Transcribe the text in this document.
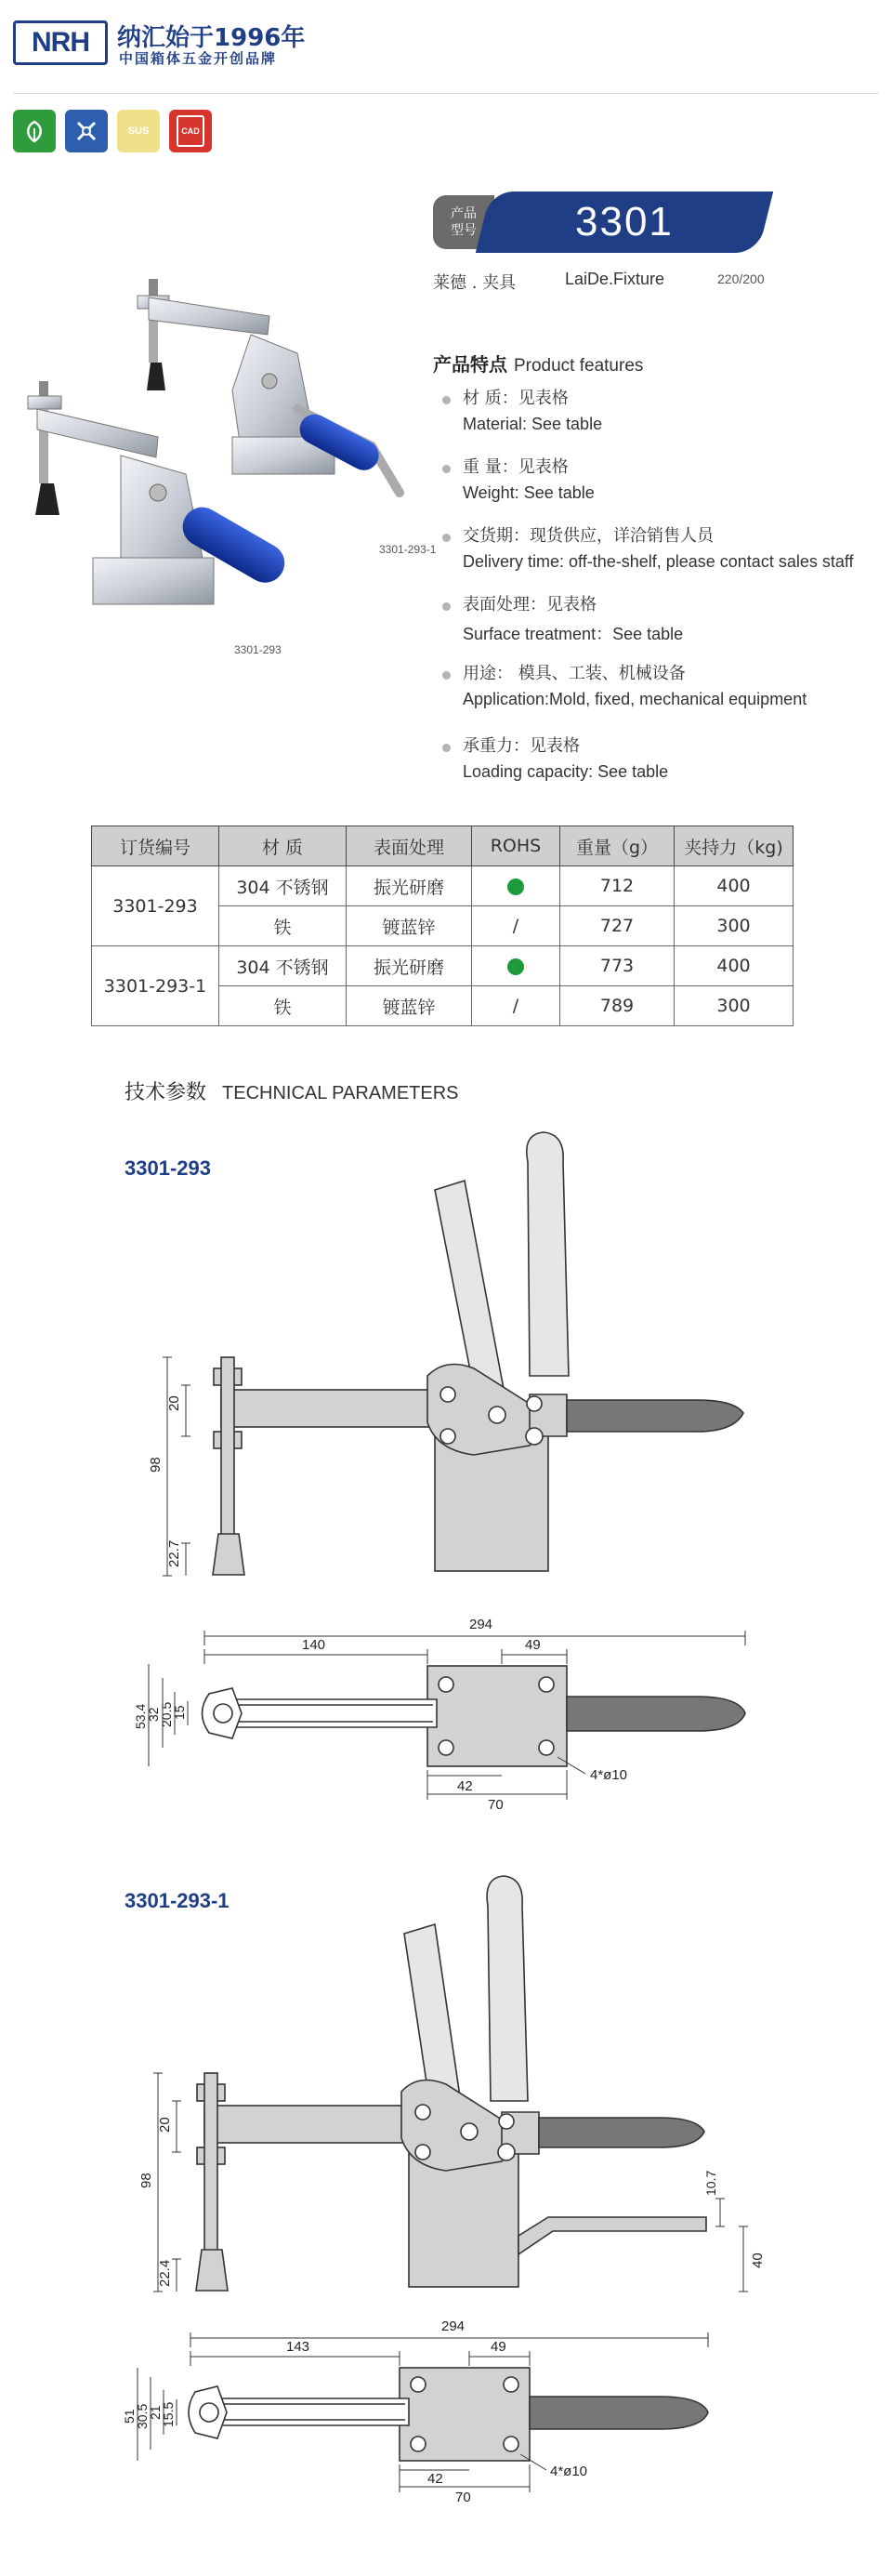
NRH 纳汇始于1996年
中国箱体五金开创品牌
SUS	CAD
产品
型号 3301
莱德 . 夹具	LaiDe.Fixture	220/200
3301-293-1
3301-293
产品特点 Product features
材 质：见表格
Material: See table
重 量：见表格
Weight: See table
交货期：现货供应，详洽销售人员
Delivery time: off-the-shelf, please contact sales staff
表面处理：见表格
Surface treatment：See table
用途： 模具、工装、机械设备
Application:Mold, fixed, mechanical equipment
承重力：见表格
Loading capacity: See table
订货编号	材 质	表面处理	ROHS	重量（g）	夹持力（kg)
3301-293	304 不锈钢	振光研磨		712	400
	铁	镀蓝锌	/	727	300
3301-293-1	304 不锈钢	振光研磨		773	400
	铁	镀蓝锌	/	789	300
技术参数 TECHNICAL PARAMETERS
3301-293
20
98
22.7
294
140	49
53.4
32
20.5
15
42
70
4*ø10
3301-293-1
20
98
22.4
10.7
40
294
143	49
51
30.5
21
15.5
42
70
4*ø10
